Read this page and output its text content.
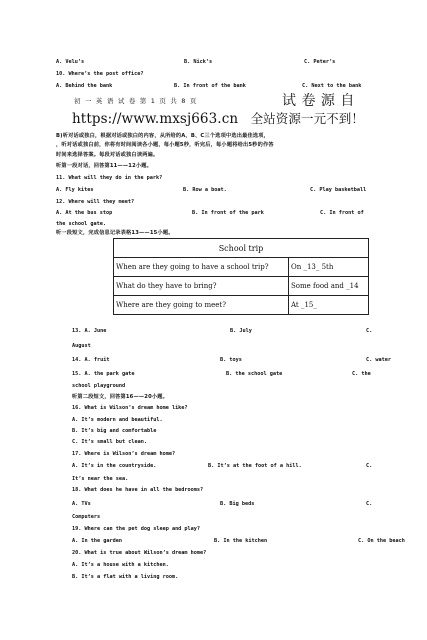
A. Velu’s	B. Nick’s	C. Peter’s
10. Where’s the post office?
A. Behind the bank	B. In front of the bank	C. Next to the bank
初 一 英 语 试 卷 第 1 页 共 8 页	试 卷 源 自
https://www.mxsj663.cn 全站资源一元不到！
B)听对话或独白，根据对话或独白的内容，从所给的A、B、C三个选项中选出最佳选项，
，听对话或独白前，你将有时间阅读各小题，每小题5秒，听完后，每小题将给出5秒的作答
时间来选择答案。每段对话或独白读两遍。
听第一段对话，回答第11——12小题。
11. What will they do in the park?
A. Fly kites	B. Row a boat.	C. Play basketball
12. Where will they meet?
A. At the bus stop	B. In front of the park	C. In front of
the school gate.
听一段短文，完成信息记录表格13——15小题。
School trip	
When are they going to have a school trip?	On _13_ 5th
What do they have to bring?	Some food and _14
Where are they going to meet?	At _15_
13. A. June	B. July	C.
August
14. A. fruit	B. toys	C. water
15. A. the park gate	B. the school gate	C. the
school playground
听第二段短文，回答第16——20小题。
16. What is Wilson’s dream home like?
A. It’s modern and beautiful.
B. It’s big and comfortable
C. It’s small but clean.
17. Where is Wilson’s dream home?
A. It’s in the countryside.	B. It’s at the foot of a hill.	C.
It’s near the sea.
18. What does he have in all the bedrooms?
A. TVs	B. Big beds	C.
Computers
19. Where can the pet dog sleep and play?
A. In the garden	B. In the kitchen	C. On the beach
20. What is true about Wilson’s dream home?
A. It’s a house with a kitchen.
B. It’s a flat with a living room.
